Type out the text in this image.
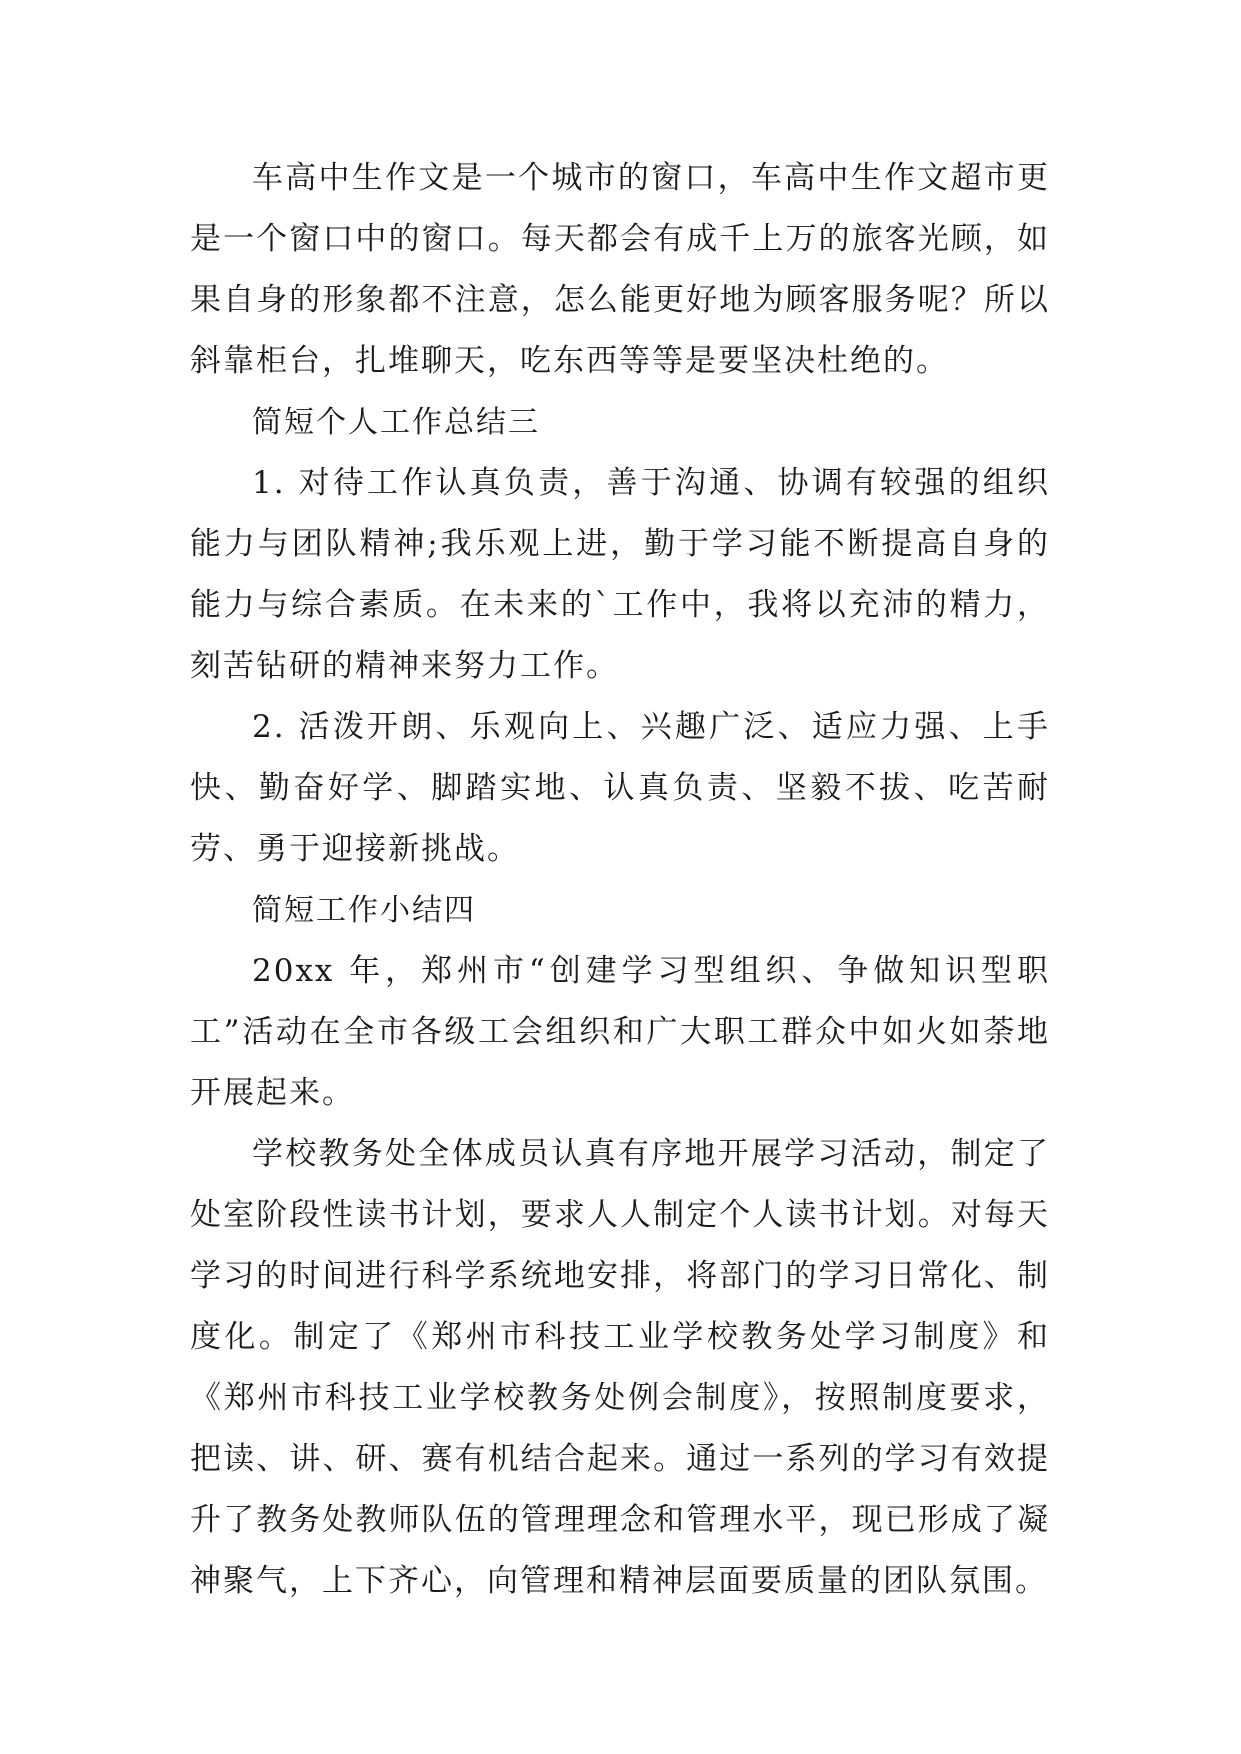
车高中生作文是一个城市的窗口，车高中生作文超市更是一个窗口中的窗口。每天都会有成千上万的旅客光顾，如果自身的形象都不注意，怎么能更好地为顾客服务呢？所以斜靠柜台，扎堆聊天，吃东西等等是要坚决杜绝的。

简短个人工作总结三

1. 对待工作认真负责，善于沟通、协调有较强的组织能力与团队精神;我乐观上进，勤于学习能不断提高自身的能力与综合素质。在未来的`工作中，我将以充沛的精力，刻苦钻研的精神来努力工作。

2. 活泼开朗、乐观向上、兴趣广泛、适应力强、上手快、勤奋好学、脚踏实地、认真负责、坚毅不拔、吃苦耐劳、勇于迎接新挑战。

简短工作小结四

20xx 年，郑州市“创建学习型组织、争做知识型职工”活动在全市各级工会组织和广大职工群众中如火如荼地开展起来。

学校教务处全体成员认真有序地开展学习活动，制定了处室阶段性读书计划，要求人人制定个人读书计划。对每天学习的时间进行科学系统地安排，将部门的学习日常化、制度化。制定了《郑州市科技工业学校教务处学习制度》和《郑州市科技工业学校教务处例会制度》，按照制度要求，把读、讲、研、赛有机结合起来。通过一系列的学习有效提升了教务处教师队伍的管理理念和管理水平，现已形成了凝神聚气，上下齐心，向管理和精神层面要质量的团队氛围。
